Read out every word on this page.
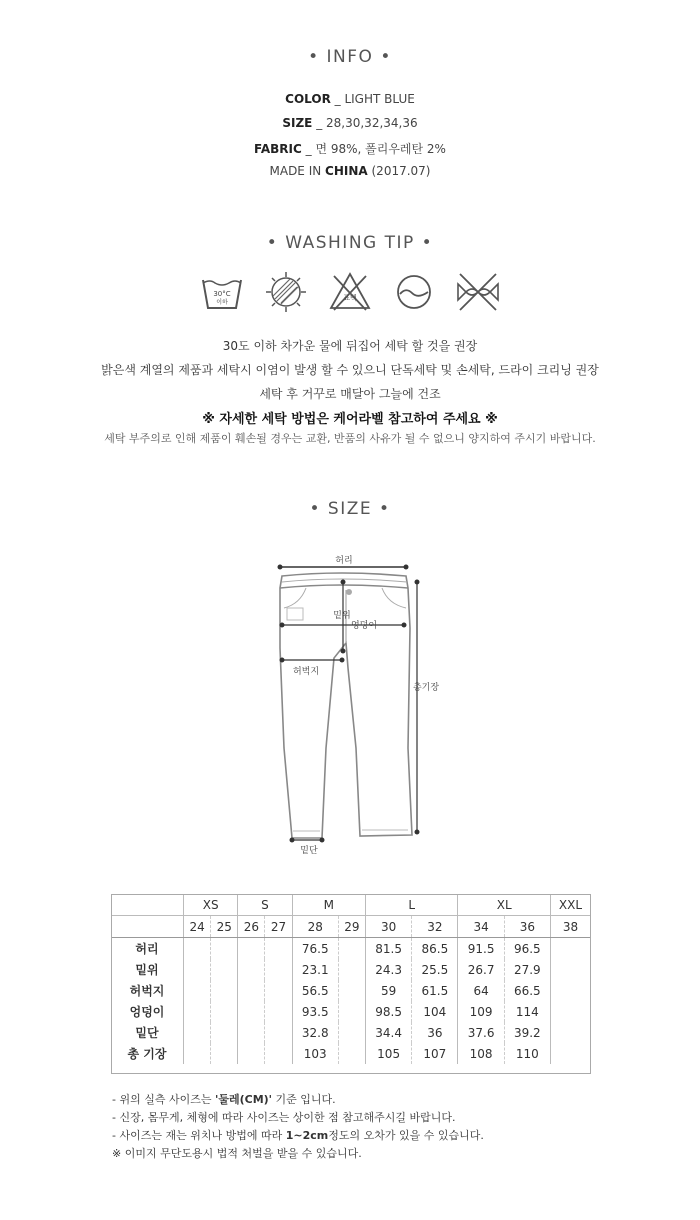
• INFO •
COLOR _ LIGHT BLUE
SIZE _ 28,30,32,34,36
FABRIC _ 면 98%, 폴리우레탄 2%
MADE IN CHINA (2017.07)
• WASHING TIP •
30°C
이하
표백
30도 이하 차가운 물에 뒤집어 세탁 할 것을 권장
밝은색 계열의 제품과 세탁시 이염이 발생 할 수 있으니 단독세탁 및 손세탁, 드라이 크리닝 권장
세탁 후 거꾸로 매달아 그늘에 건조
※ 자세한 세탁 방법은 케어라벨 참고하여 주세요 ※
세탁 부주의로 인해 제품이 훼손될 경우는 교환, 반품의 사유가 될 수 없으니 양지하여 주시기 바랍니다.
• SIZE •
허리
밑위
엉덩이
허벅지
총기장
밑단
	XS		S		M		L		XL		XXL
	24	25	26	27	28	29	30	32	34	36	38
허리					76.5		81.5	86.5	91.5	96.5	
밑위					23.1		24.3	25.5	26.7	27.9	
허벅지					56.5		59	61.5	64	66.5	
엉덩이					93.5		98.5	104	109	114	
밑단					32.8		34.4	36	37.6	39.2	
총 기장					103		105	107	108	110	
- 위의 실측 사이즈는 '둘레(CM)' 기준 입니다.
- 신장, 몸무게, 체형에 따라 사이즈는 상이한 점 참고해주시길 바랍니다.
- 사이즈는 재는 위치나 방법에 따라 1~2cm정도의 오차가 있을 수 있습니다.
※ 이미지 무단도용시 법적 처벌을 받을 수 있습니다.
